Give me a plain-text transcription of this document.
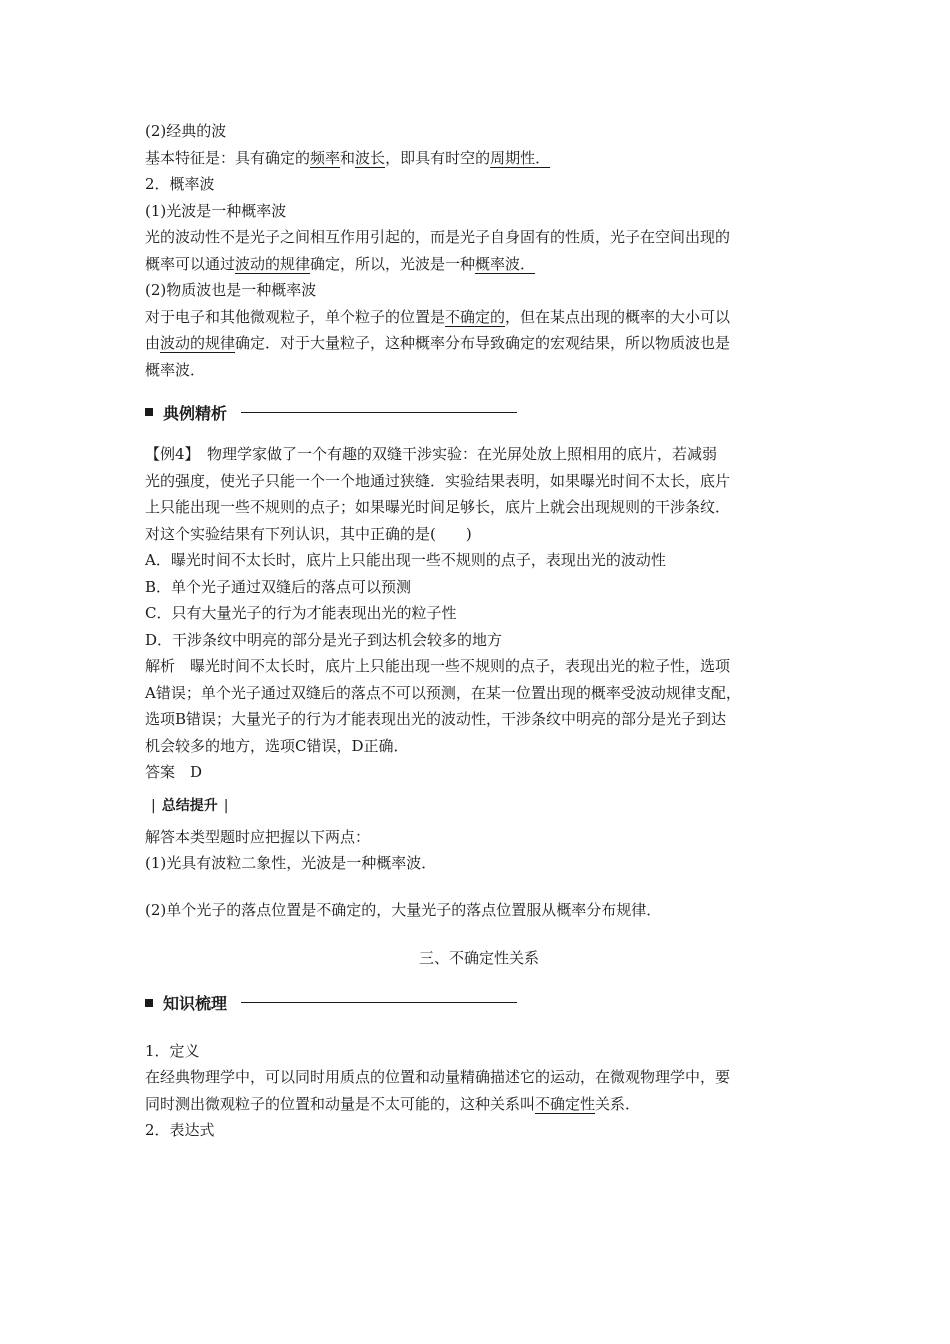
(2)经典的波
基本特征是：具有确定的频率和波长，即具有时空的周期性．
2．概率波
(1)光波是一种概率波
光的波动性不是光子之间相互作用引起的，而是光子自身固有的性质，光子在空间出现的
概率可以通过波动的规律确定，所以，光波是一种概率波．
(2)物质波也是一种概率波
对于电子和其他微观粒子，单个粒子的位置是不确定的，但在某点出现的概率的大小可以
由波动的规律确定．对于大量粒子，这种概率分布导致确定的宏观结果，所以物质波也是
概率波．
典例精析
【例4】　物理学家做了一个有趣的双缝干涉实验：在光屏处放上照相用的底片，若减弱
光的强度，使光子只能一个一个地通过狭缝．实验结果表明，如果曝光时间不太长，底片
上只能出现一些不规则的点子；如果曝光时间足够长，底片上就会出现规则的干涉条纹．
对这个实验结果有下列认识，其中正确的是(　　)
A．曝光时间不太长时，底片上只能出现一些不规则的点子，表现出光的波动性
B．单个光子通过双缝后的落点可以预测
C．只有大量光子的行为才能表现出光的粒子性
D．干涉条纹中明亮的部分是光子到达机会较多的地方
解析　曝光时间不太长时，底片上只能出现一些不规则的点子，表现出光的粒子性，选项
A错误；单个光子通过双缝后的落点不可以预测，在某一位置出现的概率受波动规律支配，
选项B错误；大量光子的行为才能表现出光的波动性，干涉条纹中明亮的部分是光子到达
机会较多的地方，选项C错误，D正确．
答案　D
| 总结提升 |
解答本类型题时应把握以下两点：
(1)光具有波粒二象性，光波是一种概率波．
(2)单个光子的落点位置是不确定的，大量光子的落点位置服从概率分布规律．
三、不确定性关系
知识梳理
1．定义
在经典物理学中，可以同时用质点的位置和动量精确描述它的运动，在微观物理学中，要
同时测出微观粒子的位置和动量是不太可能的，这种关系叫不确定性关系．
2．表达式
